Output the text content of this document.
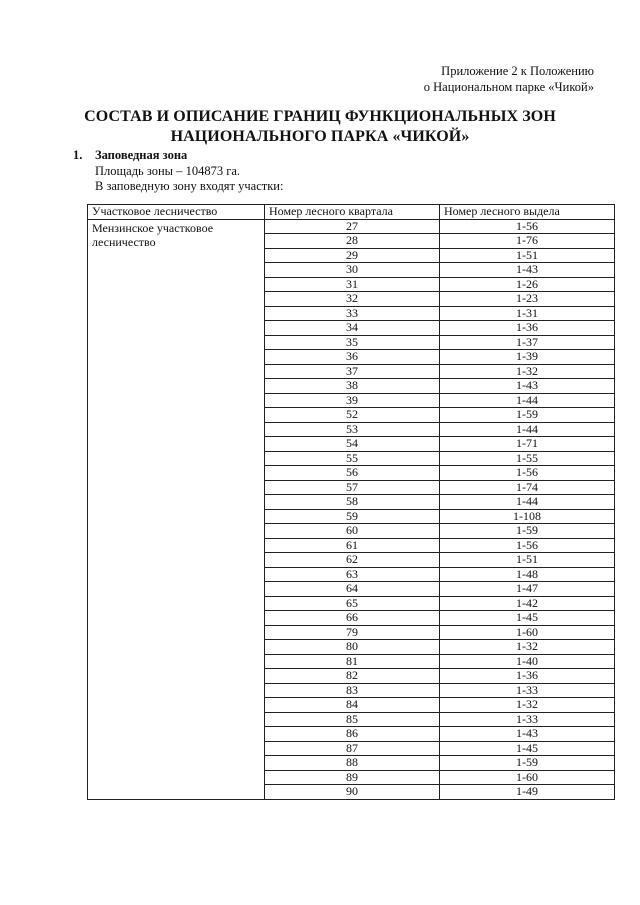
Приложение 2 к Положению
о Национальном парке «Чикой»
СОСТАВ И ОПИСАНИЕ ГРАНИЦ ФУНКЦИОНАЛЬНЫХ ЗОН
НАЦИОНАЛЬНОГО ПАРКА «ЧИКОЙ»
1. Заповедная зона
Площадь зоны – 104873 га.
В заповедную зону входят участки:
Участковое лесничество	Номер лесного квартала	Номер лесного выдела
Мензинское участковое лесничество	27	1-56
	28	1-76
	29	1-51
	30	1-43
	31	1-26
	32	1-23
	33	1-31
	34	1-36
	35	1-37
	36	1-39
	37	1-32
	38	1-43
	39	1-44
	52	1-59
	53	1-44
	54	1-71
	55	1-55
	56	1-56
	57	1-74
	58	1-44
	59	1-108
	60	1-59
	61	1-56
	62	1-51
	63	1-48
	64	1-47
	65	1-42
	66	1-45
	79	1-60
	80	1-32
	81	1-40
	82	1-36
	83	1-33
	84	1-32
	85	1-33
	86	1-43
	87	1-45
	88	1-59
	89	1-60
	90	1-49
